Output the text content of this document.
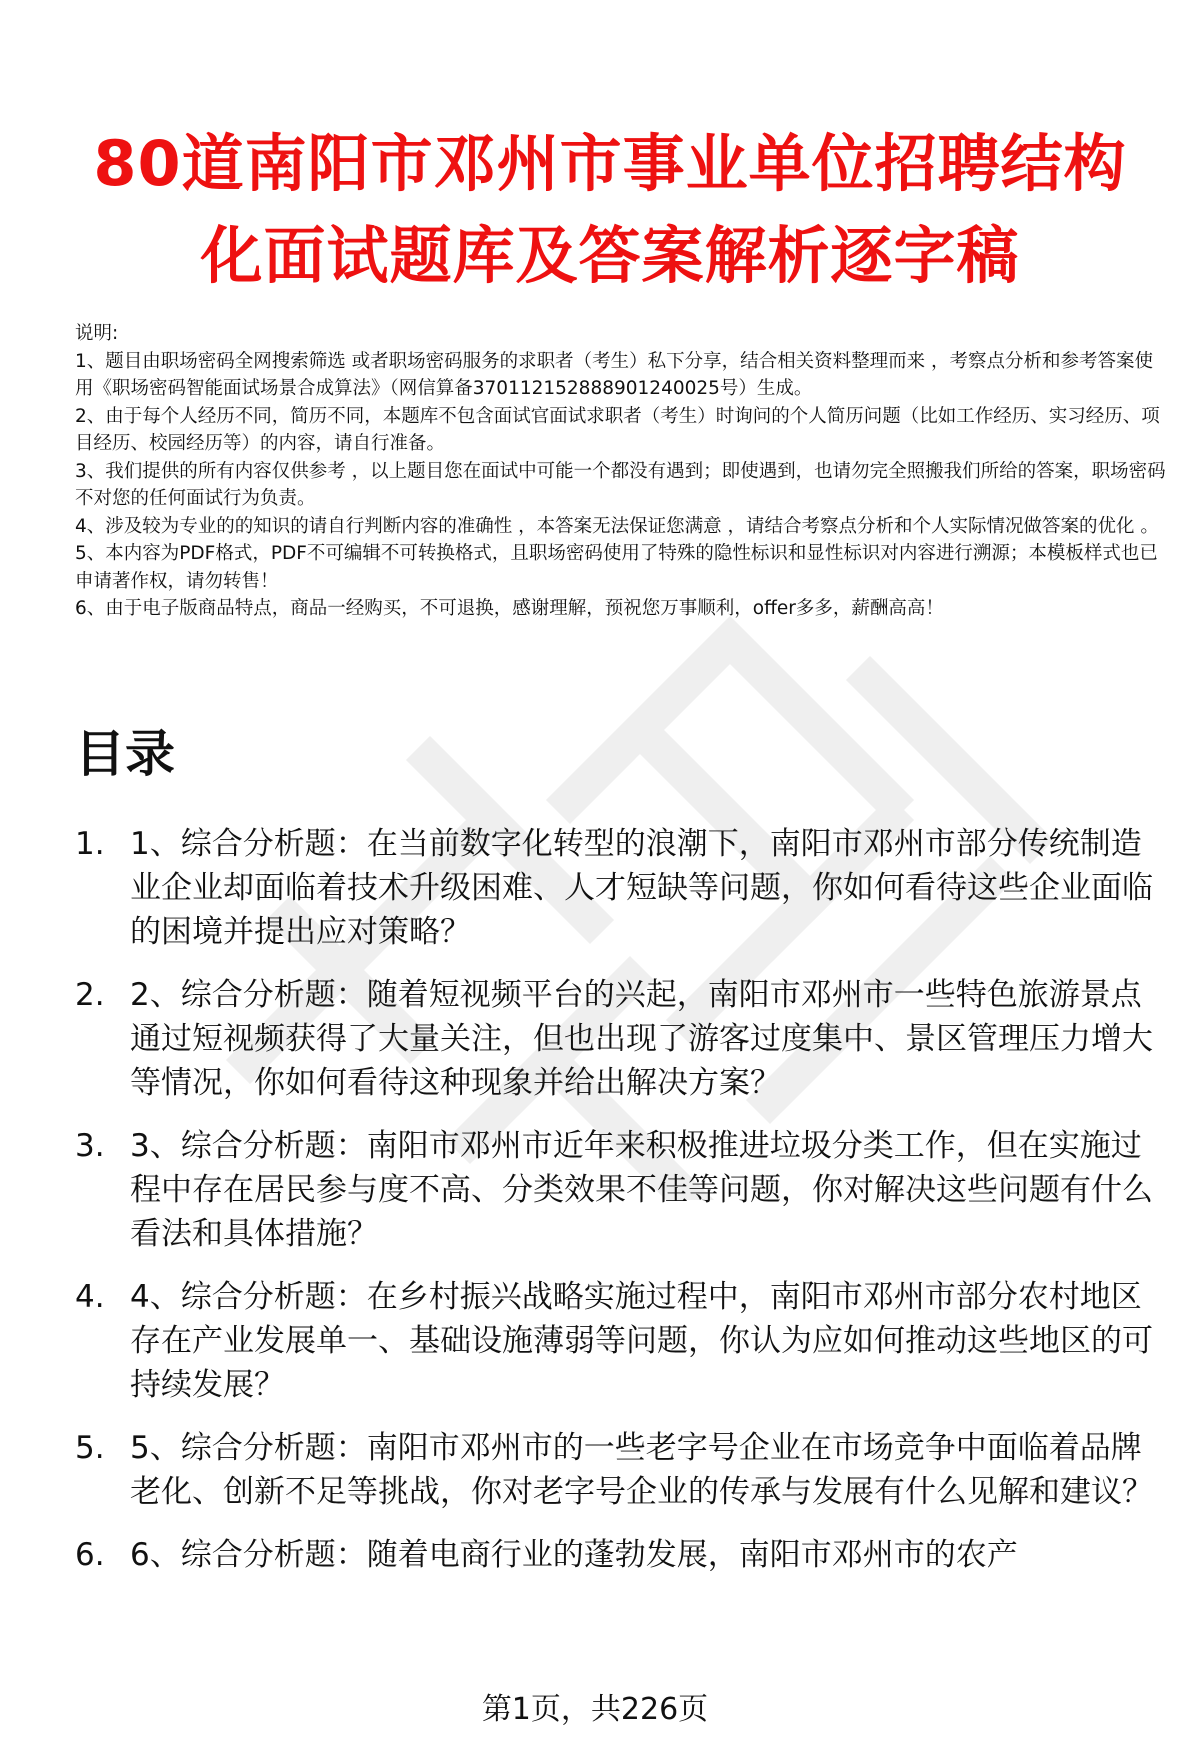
80道南阳市邓州市事业单位招聘结构化面试题库及答案解析逐字稿

说明:

1、题目由职场密码全网搜索筛选 或者职场密码服务的求职者（考生）私下分享，结合相关资料整理而来 ，考察点分析和参考答案使用《职场密码智能面试场景合成算法》（网信算备370112152888901240025号）生成。

2、由于每个人经历不同，简历不同，本题库不包含面试官面试求职者（考生）时询问的个人简历问题（比如工作经历、实习经历、项目经历、校园经历等）的内容，请自行准备。

3、我们提供的所有内容仅供参考 ，以上题目您在面试中可能一个都没有遇到；即使遇到，也请勿完全照搬我们所给的答案，职场密码不对您的任何面试行为负责。

4、涉及较为专业的的知识的请自行判断内容的准确性 ，本答案无法保证您满意 ，请结合考察点分析和个人实际情况做答案的优化 。

5、本内容为PDF格式，PDF不可编辑不可转换格式，且职场密码使用了特殊的隐性标识和显性标识对内容进行溯源；本模板样式也已申请著作权，请勿转售！

6、由于电子版商品特点，商品一经购买，不可退换，感谢理解，预祝您万事顺利，offer多多，薪酬高高！

目录
1. 1、综合分析题：在当前数字化转型的浪潮下，南阳市邓州市部分传统制造业企业却面临着技术升级困难、人才短缺等问题，你如何看待这些企业面临的困境并提出应对策略？
2. 2、综合分析题：随着短视频平台的兴起，南阳市邓州市一些特色旅游景点通过短视频获得了大量关注，但也出现了游客过度集中、景区管理压力增大等情况，你如何看待这种现象并给出解决方案？
3. 3、综合分析题：南阳市邓州市近年来积极推进垃圾分类工作，但在实施过程中存在居民参与度不高、分类效果不佳等问题，你对解决这些问题有什么看法和具体措施？
4. 4、综合分析题：在乡村振兴战略实施过程中，南阳市邓州市部分农村地区存在产业发展单一、基础设施薄弱等问题，你认为应如何推动这些地区的可持续发展？
5. 5、综合分析题：南阳市邓州市的一些老字号企业在市场竞争中面临着品牌老化、创新不足等挑战，你对老字号企业的传承与发展有什么见解和建议？
6. 6、综合分析题：随着电商行业的蓬勃发展，南阳市邓州市的农产
第1页，共226页
